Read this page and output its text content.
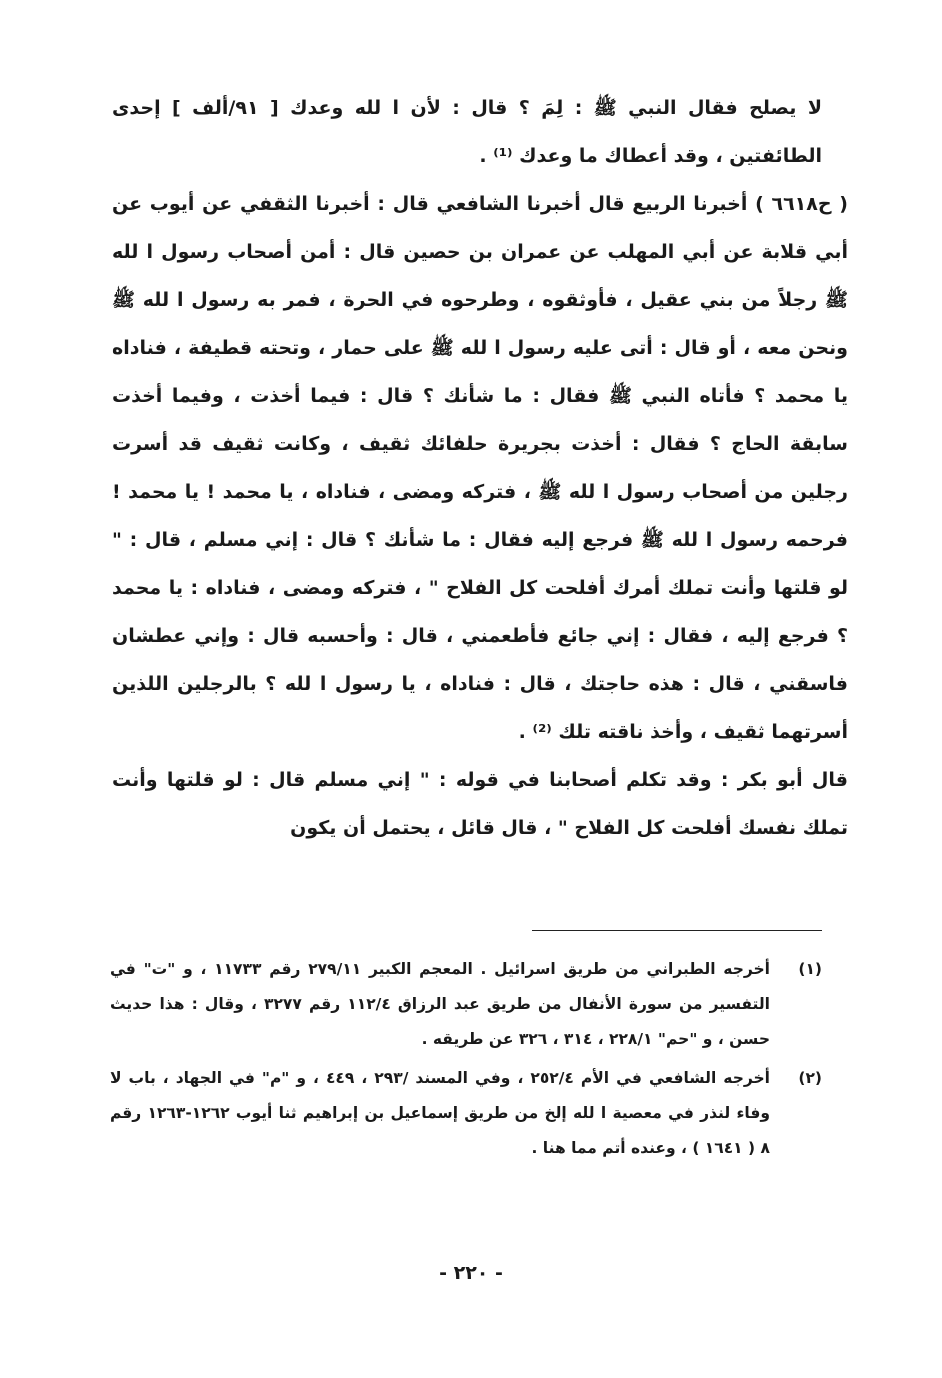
لا يصلح فقال النبي ﷺ : لِمَ ؟ قال : لأن ا لله وعدك [ ٩١/ألف ] إحدى الطائفتين ، وقد أعطاك ما وعدك ⁽¹⁾ .

( ح٦٦١٨ ) أخبرنا الربيع قال أخبرنا الشافعي قال : أخبرنا الثقفي عن أيوب عن أبي قلابة عن أبي المهلب عن عمران بن حصين قال : أمن أصحاب رسول ا لله ﷺ رجلاً من بني عقيل ، فأوثقوه ، وطرحوه في الحرة ، فمر به رسول ا لله ﷺ ونحن معه ، أو قال : أتى عليه رسول ا لله ﷺ على حمار ، وتحته قطيفة ، فناداه يا محمد ؟ فأتاه النبي ﷺ فقال : ما شأنك ؟ قال : فيما أخذت ، وفيما أخذت سابقة الحاج ؟ فقال : أخذت بجريرة حلفائك ثقيف ، وكانت ثقيف قد أسرت رجلين من أصحاب رسول ا لله ﷺ ، فتركه ومضى ، فناداه ، يا محمد ! يا محمد ! فرحمه رسول ا لله ﷺ فرجع إليه فقال : ما شأنك ؟ قال : إني مسلم ، قال : " لو قلتها وأنت تملك أمرك أفلحت كل الفلاح " ، فتركه ومضى ، فناداه : يا محمد ؟ فرجع إليه ، فقال : إني جائع فأطعمني ، قال : وأحسبه قال : وإني عطشان فاسقني ، قال : هذه حاجتك ، قال : فناداه ، يا رسول ا لله ؟ بالرجلين اللذين أسرتهما ثقيف ، وأخذ ناقته تلك ⁽²⁾ .

قال أبو بكر : وقد تكلم أصحابنا في قوله : " إني مسلم قال : لو قلتها وأنت تملك نفسك أفلحت كل الفلاح " ، قال قائل ، يحتمل أن يكون

(١)
أخرجه الطبراني من طريق اسرائيل . المعجم الكبير ٢٧٩/١١ رقم ١١٧٣٣ ، و "ت" في التفسير من سورة الأنفال من طريق عبد الرزاق ١١٢/٤ رقم ٣٢٧٧ ، وقال : هذا حديث حسن ، و "حم" ٢٢٨/١ ، ٣١٤ ، ٣٢٦ عن طريقه .
(٢)
أخرجه الشافعي في الأم ٢٥٢/٤ ، وفي المسند /٢٩٣ ، ٤٤٩ ، و "م" في الجهاد ، باب لا وفاء لنذر في معصية ا لله إلخ من طريق إسماعيل بن إبراهيم ثنا أيوب ١٢٦٢-١٢٦٣ رقم ٨ ( ١٦٤١ ) ، وعنده أتم مما هنا .
- ٢٢٠ -
